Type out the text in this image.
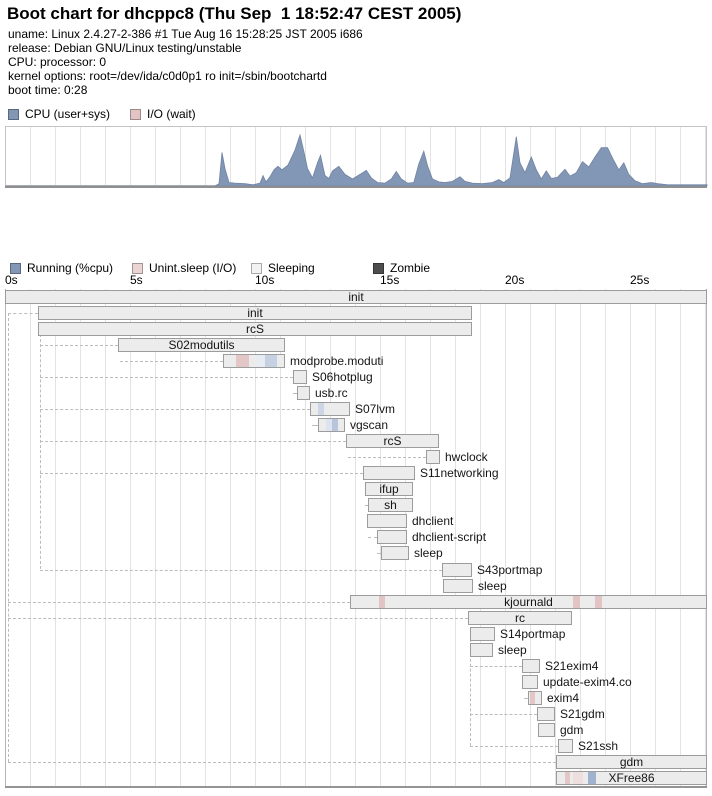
Boot chart for dhcppc8 (Thu Sep  1 18:52:47 CEST 2005)
uname: Linux 2.4.27-2-386 #1 Tue Aug 16 15:28:25 JST 2005 i686
release: Debian GNU/Linux testing/unstable
CPU: processor: 0
kernel options: root=/dev/ida/c0d0p1 ro init=/sbin/bootchartd
boot time: 0:28
CPU (user+sys)	I/O (wait)
Running (%cpu)	Unint.sleep (I/O)	Sleeping	Zombie
0s	5s	10s	15s	20s	25s
init
init
rcS
S02modutils
modprobe.moduti
S06hotplug
usb.rc
S07lvm
vgscan
rcS
hwclock
S11networking
ifup
sh
dhclient
dhclient-script
sleep
S43portmap
sleep
kjournald
rc
S14portmap
sleep
S21exim4
update-exim4.co
exim4
S21gdm
gdm
S21ssh
gdm
XFree86
